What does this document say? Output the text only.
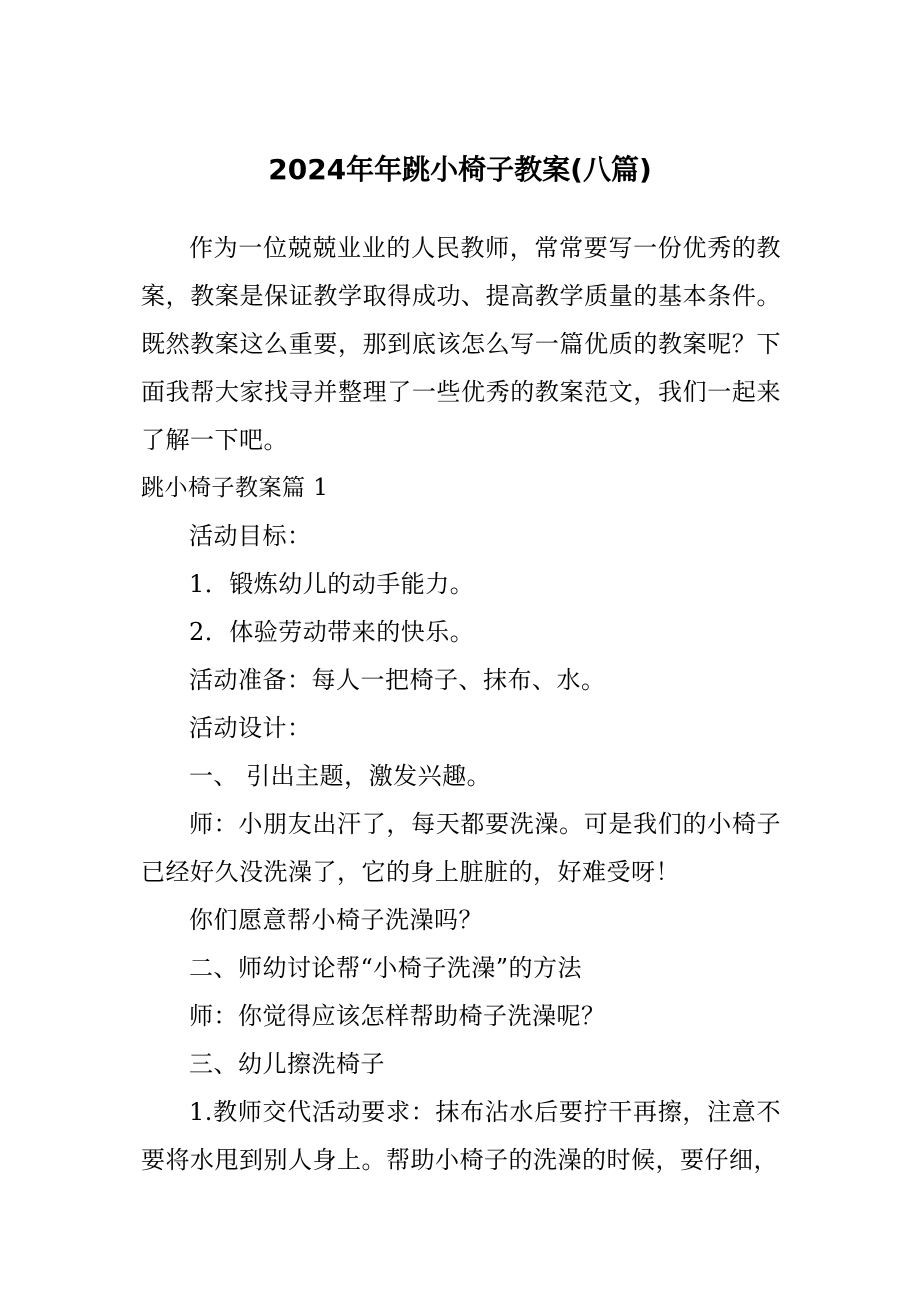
2024年年跳小椅子教案(八篇)

作为一位兢兢业业的人民教师，常常要写一份优秀的教案，教案是保证教学取得成功、提高教学质量的基本条件。既然教案这么重要，那到底该怎么写一篇优质的教案呢？下面我帮大家找寻并整理了一些优秀的教案范文，我们一起来了解一下吧。

跳小椅子教案篇 1

活动目标：

1．锻炼幼儿的动手能力。

2．体验劳动带来的快乐。

活动准备：每人一把椅子、抹布、水。

活动设计：

一、 引出主题，激发兴趣。

师：小朋友出汗了，每天都要洗澡。可是我们的小椅子已经好久没洗澡了，它的身上脏脏的，好难受呀！

你们愿意帮小椅子洗澡吗？

二、师幼讨论帮“小椅子洗澡”的方法

师：你觉得应该怎样帮助椅子洗澡呢？

三、幼儿擦洗椅子

1.教师交代活动要求：抹布沾水后要拧干再擦，注意不要将水甩到别人身上。帮助小椅子的洗澡的时候，要仔细，
